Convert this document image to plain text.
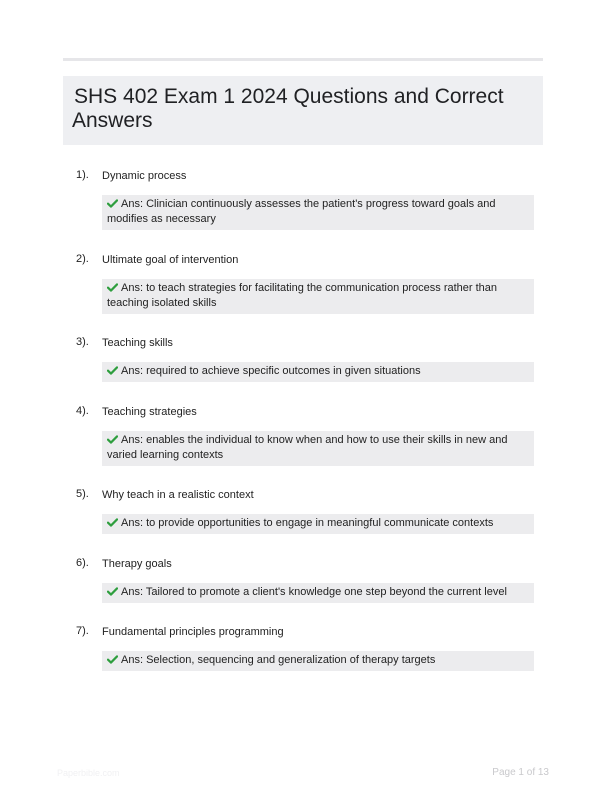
SHS 402 Exam 1 2024 Questions and Correct Answers
1). Dynamic process
Ans: Clinician continuously assesses the patient's progress toward goals and modifies as necessary
2). Ultimate goal of intervention
Ans: to teach strategies for facilitating the communication process rather than teaching isolated skills
3). Teaching skills
Ans: required to achieve specific outcomes in given situations
4). Teaching strategies
Ans: enables the individual to know when and how to use their skills in new and varied learning contexts
5). Why teach in a realistic context
Ans: to provide opportunities to engage in meaningful communicate contexts
6). Therapy goals
Ans: Tailored to promote a client's knowledge one step beyond the current level
7). Fundamental principles programming
Ans: Selection, sequencing and generalization of therapy targets
Paperbible.com	Page 1 of 13
